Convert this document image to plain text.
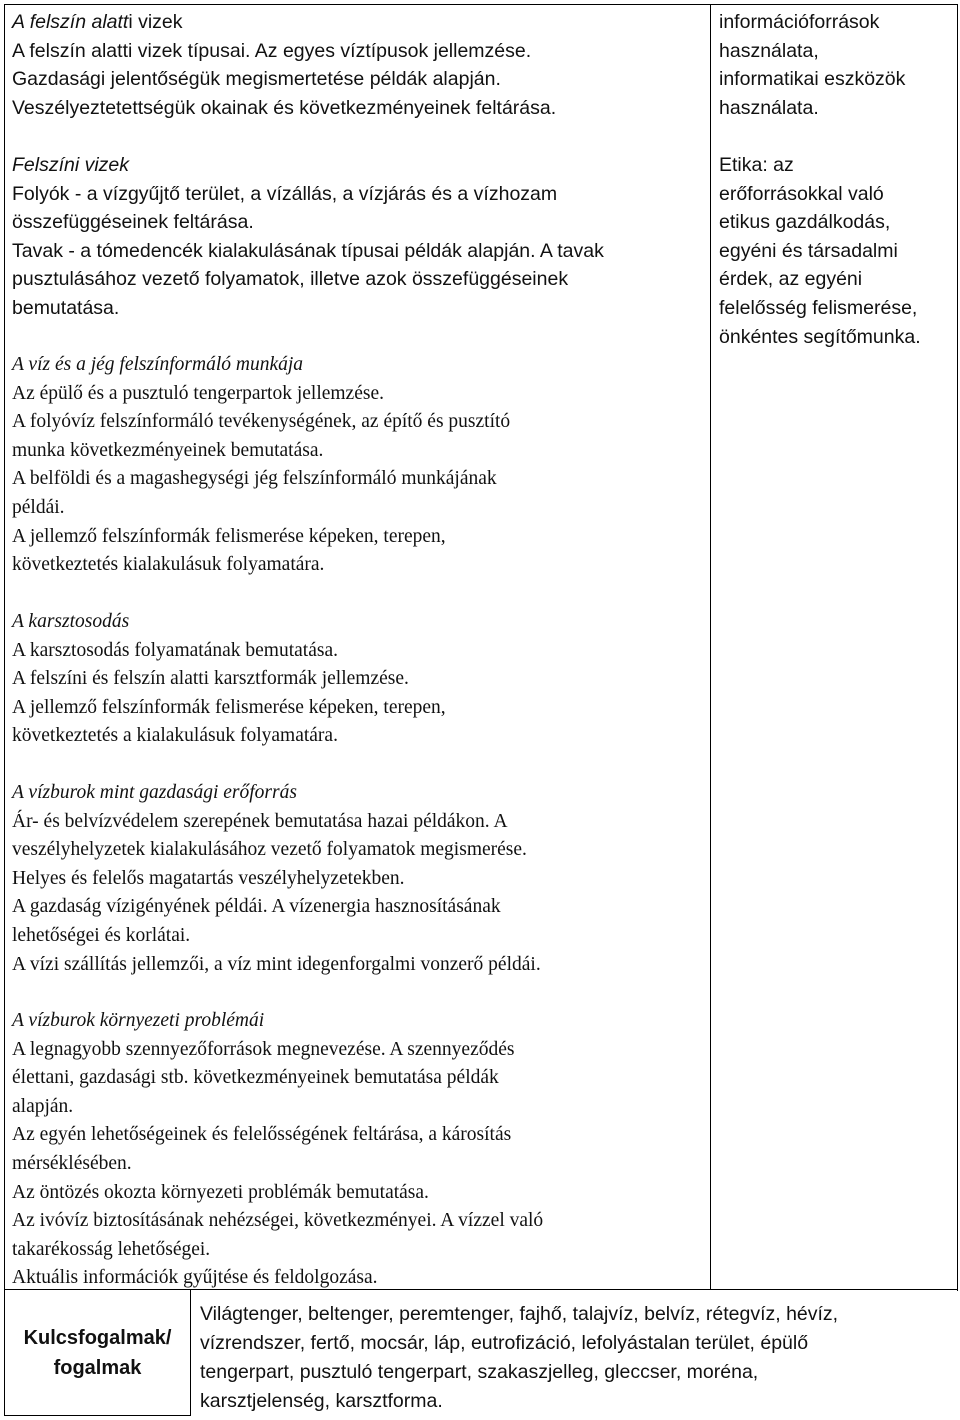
A felszín alatti vizek
A felszín alatti vizek típusai. Az egyes víztípusok jellemzése.
Gazdasági jelentőségük megismertetése példák alapján.
Veszélyeztetettségük okainak és következményeinek feltárása.
Felszíni vizek
Folyók - a vízgyűjtő terület, a vízállás, a vízjárás és a vízhozam
összefüggéseinek feltárása.
Tavak - a tómedencék kialakulásának típusai példák alapján. A tavak
pusztulásához vezető folyamatok, illetve azok összefüggéseinek
bemutatása.
A víz és a jég felszínformáló munkája
Az épülő és a pusztuló tengerpartok jellemzése.
A folyóvíz felszínformáló tevékenységének, az építő és pusztító
munka következményeinek bemutatása.
A belföldi és a magashegységi jég felszínformáló munkájának
példái.
A jellemző felszínformák felismerése képeken, terepen,
következtetés kialakulásuk folyamatára.
A karsztosodás
A karsztosodás folyamatának bemutatása.
A felszíni és felszín alatti karsztformák jellemzése.
A jellemző felszínformák felismerése képeken, terepen,
következtetés a kialakulásuk folyamatára.
A vízburok mint gazdasági erőforrás
Ár- és belvízvédelem szerepének bemutatása hazai példákon. A
veszélyhelyzetek kialakulásához vezető folyamatok megismerése.
Helyes és felelős magatartás veszélyhelyzetekben.
A gazdaság vízigényének példái. A vízenergia hasznosításának
lehetőségei és korlátai.
A vízi szállítás jellemzői, a víz mint idegenforgalmi vonzerő példái.
A vízburok környezeti problémái
A legnagyobb szennyezőforrások megnevezése. A szennyeződés
élettani, gazdasági stb. következményeinek bemutatása példák
alapján.
Az egyén lehetőségeinek és felelősségének feltárása, a károsítás
mérséklésében.
Az öntözés okozta környezeti problémák bemutatása.
Az ivóvíz biztosításának nehézségei, következményei. A vízzel való
takarékosság lehetőségei.
Aktuális információk gyűjtése és feldolgozása.
információforrások
használata,
informatikai eszközök
használata.
Etika: az
erőforrásokkal való
etikus gazdálkodás,
egyéni és társadalmi
érdek, az egyéni
felelősség felismerése,
önkéntes segítőmunka.
Kulcsfogalmak/
fogalmak
Világtenger, beltenger, peremtenger, fajhő, talajvíz, belvíz, rétegvíz, hévíz,
vízrendszer, fertő, mocsár, láp, eutrofizáció, lefolyástalan terület, épülő
tengerpart, pusztuló tengerpart, szakaszjelleg, gleccser, moréna,
karsztjelenség, karsztforma.
